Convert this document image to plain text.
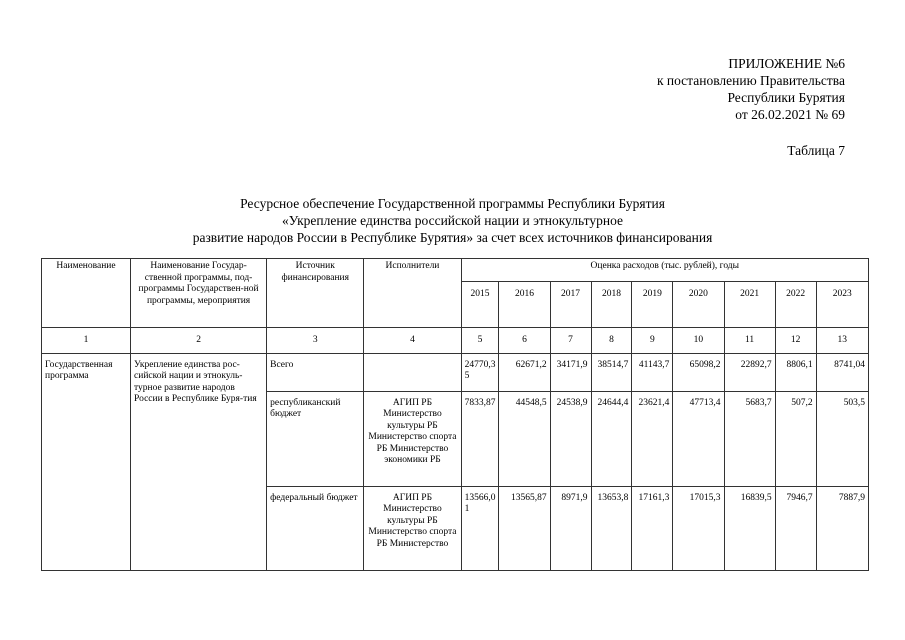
ПРИЛОЖЕНИЕ №6
к постановлению Правительства
Республики Бурятия
от 26.02.2021 № 69
Таблица 7
Ресурсное обеспечение Государственной программы Республики Бурятия
«Укрепление единства российской нации и этнокультурное
развитие народов России в Республике Бурятия» за счет всех источников финансирования
Наименование	Наименование Государ-ственной программы, под-программы Государствен-ной программы, мероприятия	Источник финансирования	Исполнители	Оценка расходов (тыс. рублей), годы								
				2015	2016	2017	2018	2019	2020	2021	2022	2023
1	2	3	4	5	6	7	8	9	10	11	12	13
Государственная программа	Укрепление единства рос-сийской нации и этнокуль-турное развитие народов России в Республике Буря-тия	Всего		24770,35	62671,2	34171,9	38514,7	41143,7	65098,2	22892,7	8806,1	8741,04
		республиканский бюджет	АГИП РБ Министерство культуры РБ Министерство спорта РБ Министерство экономики РБ	7833,87	44548,5	24538,9	24644,4	23621,4	47713,4	5683,7	507,2	503,5
		федеральный бюджет	АГИП РБ Министерство культуры РБ Министерство спорта РБ Министерство	13566,01	13565,87	8971,9	13653,8	17161,3	17015,3	16839,5	7946,7	7887,9
